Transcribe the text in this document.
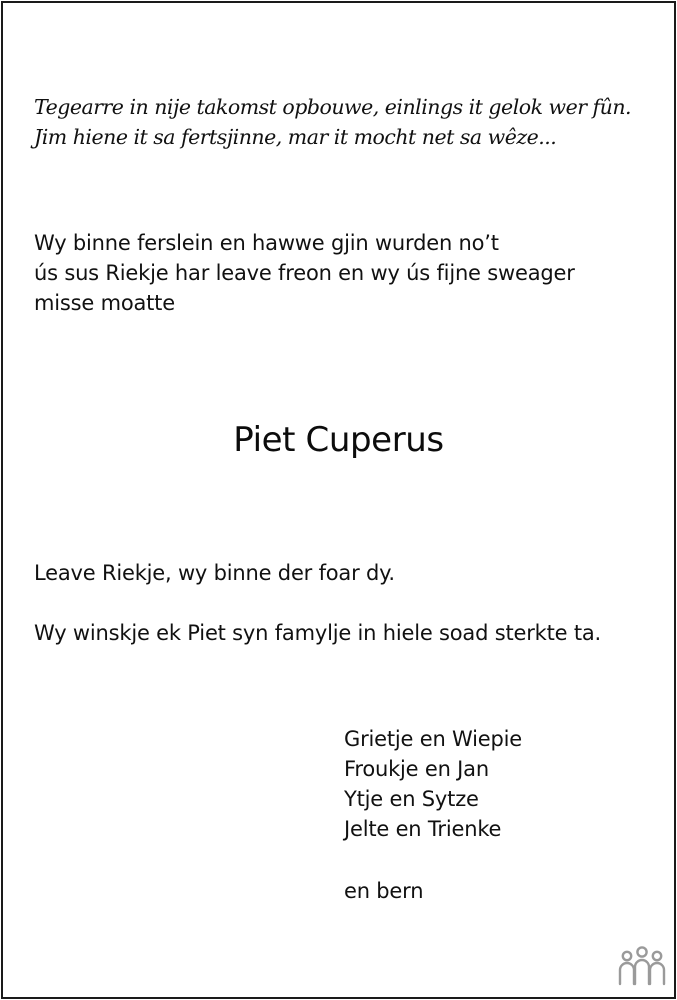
Tegearre in nije takomst opbouwe, einlings it gelok wer fûn.
Jim hiene it sa fertsjinne, mar it mocht net sa wêze...
Wy binne ferslein en hawwe gjin wurden no’t
ús sus Riekje har leave freon en wy ús fijne sweager
misse moatte
Piet Cuperus
Leave Riekje, wy binne der foar dy.
Wy winskje ek Piet syn famylje in hiele soad sterkte ta.
Grietje en Wiepie
Froukje en Jan
Ytje en Sytze
Jelte en Trienke
en bern
